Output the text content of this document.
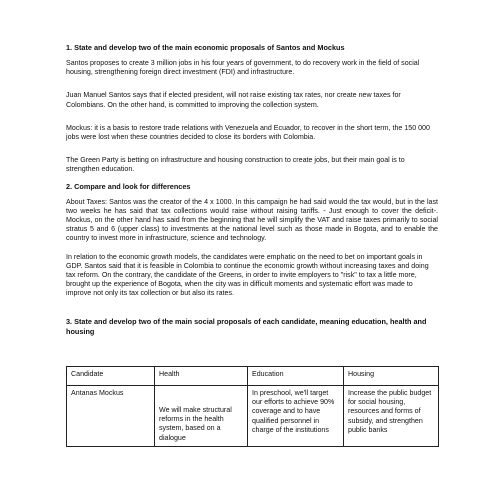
1. State and develop two of the main economic proposals of Santos and Mockus

Santos proposes to create 3 million jobs in his four years of government, to do recovery work in the field of social housing, strengthening foreign direct investment (FDI) and infrastructure.

Juan Manuel Santos says that if elected president, will not raise existing tax rates, nor create new taxes for Colombians. On the other hand, is committed to improving the collection system.

Mockus: it is a basis to restore trade relations with Venezuela and Ecuador, to recover in the short term, the 150 000 jobs were lost when these countries decided to close its borders with Colombia.

The Green Party is betting on infrastructure and housing construction to create jobs, but their main goal is to strengthen education.

2. Compare and look for differences

About Taxes: Santos was the creator of the 4 x 1000. In this campaign he had said would the tax would, but in the last two weeks he has said that tax collections would raise without raising tariffs. - Just enough to cover the deficit-. Mockus, on the other hand has said from the beginning that he will simplify the VAT and raise taxes primarily to social stratus 5 and 6 (upper class) to investments at the national level such as those made in Bogota, and to enable the country to invest more in infrastructure, science and technology.

In relation to the economic growth models, the candidates were emphatic on the need to bet on important goals in GDP. Santos said that it is feasible in Colombia to continue the economic growth without increasing taxes and doing tax reform. On the contrary, the candidate of the Greens, in order to invite employers to "risk" to tax a little more, brought up the experience of Bogota, when the city was in difficult moments and systematic effort was made to improve not only its tax collection or but also its rates.

3. State and develop two of the main social proposals of each candidate, meaning education, health and housing

Candidate	Health	Education	Housing
Antanas Mockus	We will make structural reforms in the health system, based on a dialogue	In preschool, we'll target our efforts to achieve 90% coverage and to have qualified personnel in charge of the institutions	Increase the public budget for social housing, resources and forms of subsidy, and strengthen public banks
